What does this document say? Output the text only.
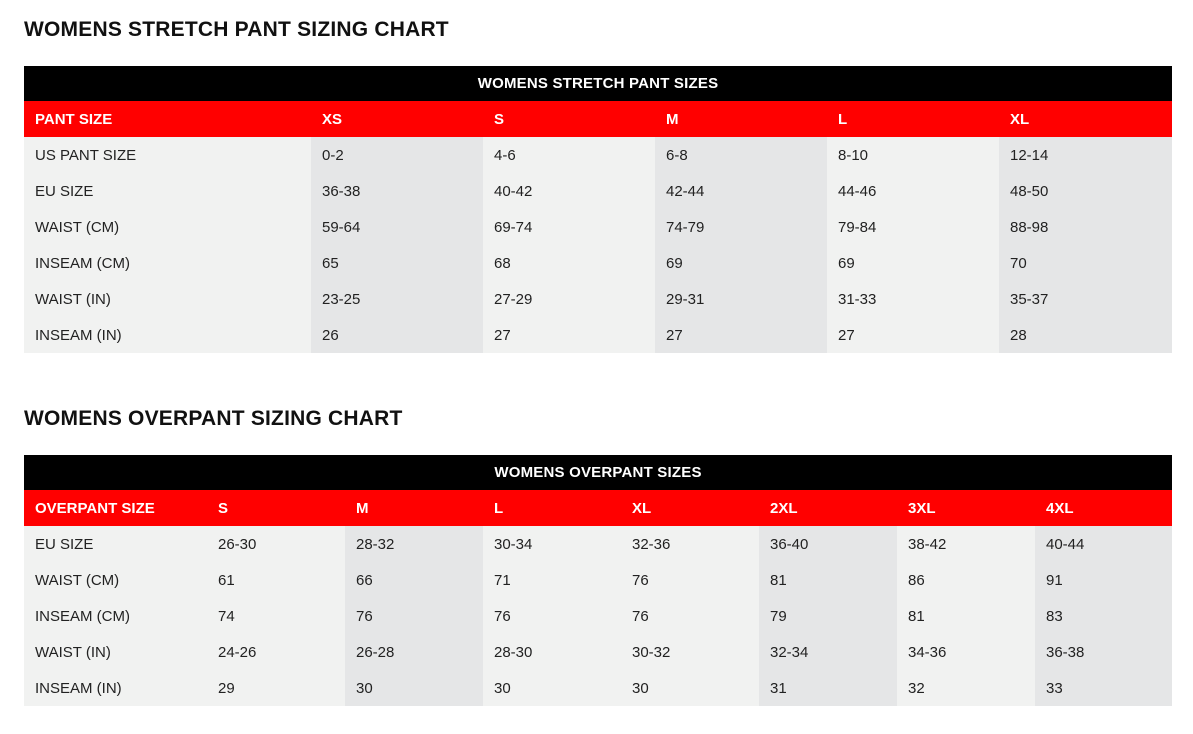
WOMENS STRETCH PANT SIZING CHART
WOMENS STRETCH PANT SIZES					
PANT SIZE	XS	S	M	L	XL
US PANT SIZE	0-2	4-6	6-8	8-10	12-14
EU SIZE	36-38	40-42	42-44	44-46	48-50
WAIST (CM)	59-64	69-74	74-79	79-84	88-98
INSEAM (CM)	65	68	69	69	70
WAIST (IN)	23-25	27-29	29-31	31-33	35-37
INSEAM (IN)	26	27	27	27	28
WOMENS OVERPANT SIZING CHART
WOMENS OVERPANT SIZES							
OVERPANT SIZE	S	M	L	XL	2XL	3XL	4XL
EU SIZE	26-30	28-32	30-34	32-36	36-40	38-42	40-44
WAIST (CM)	61	66	71	76	81	86	91
INSEAM (CM)	74	76	76	76	79	81	83
WAIST (IN)	24-26	26-28	28-30	30-32	32-34	34-36	36-38
INSEAM (IN)	29	30	30	30	31	32	33
